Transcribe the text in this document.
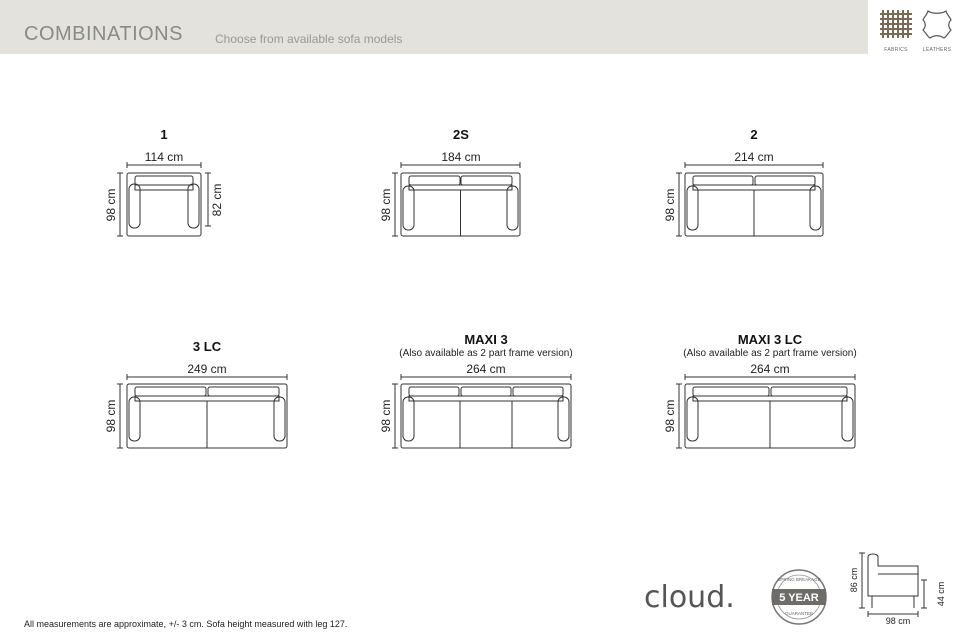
COMBINATIONS	Choose from available sofa models
FABRICS	LEATHERS
1	2S	2
3 LC	MAXI 3
(Also available as 2 part frame version)
MAXI 3 LC
(Also available as 2 part frame version)
114 cm
98 cm	82 cm
184 cm
98 cm
214 cm
98 cm
249 cm
98 cm
264 cm
98 cm
264 cm
98 cm
86 cm
44 cm
98 cm
SPRING BREAKAGE
5 YEAR
GUARANTEE
cloud.
All measurements are approximate, +/- 3 cm. Sofa height measured with leg 127.
